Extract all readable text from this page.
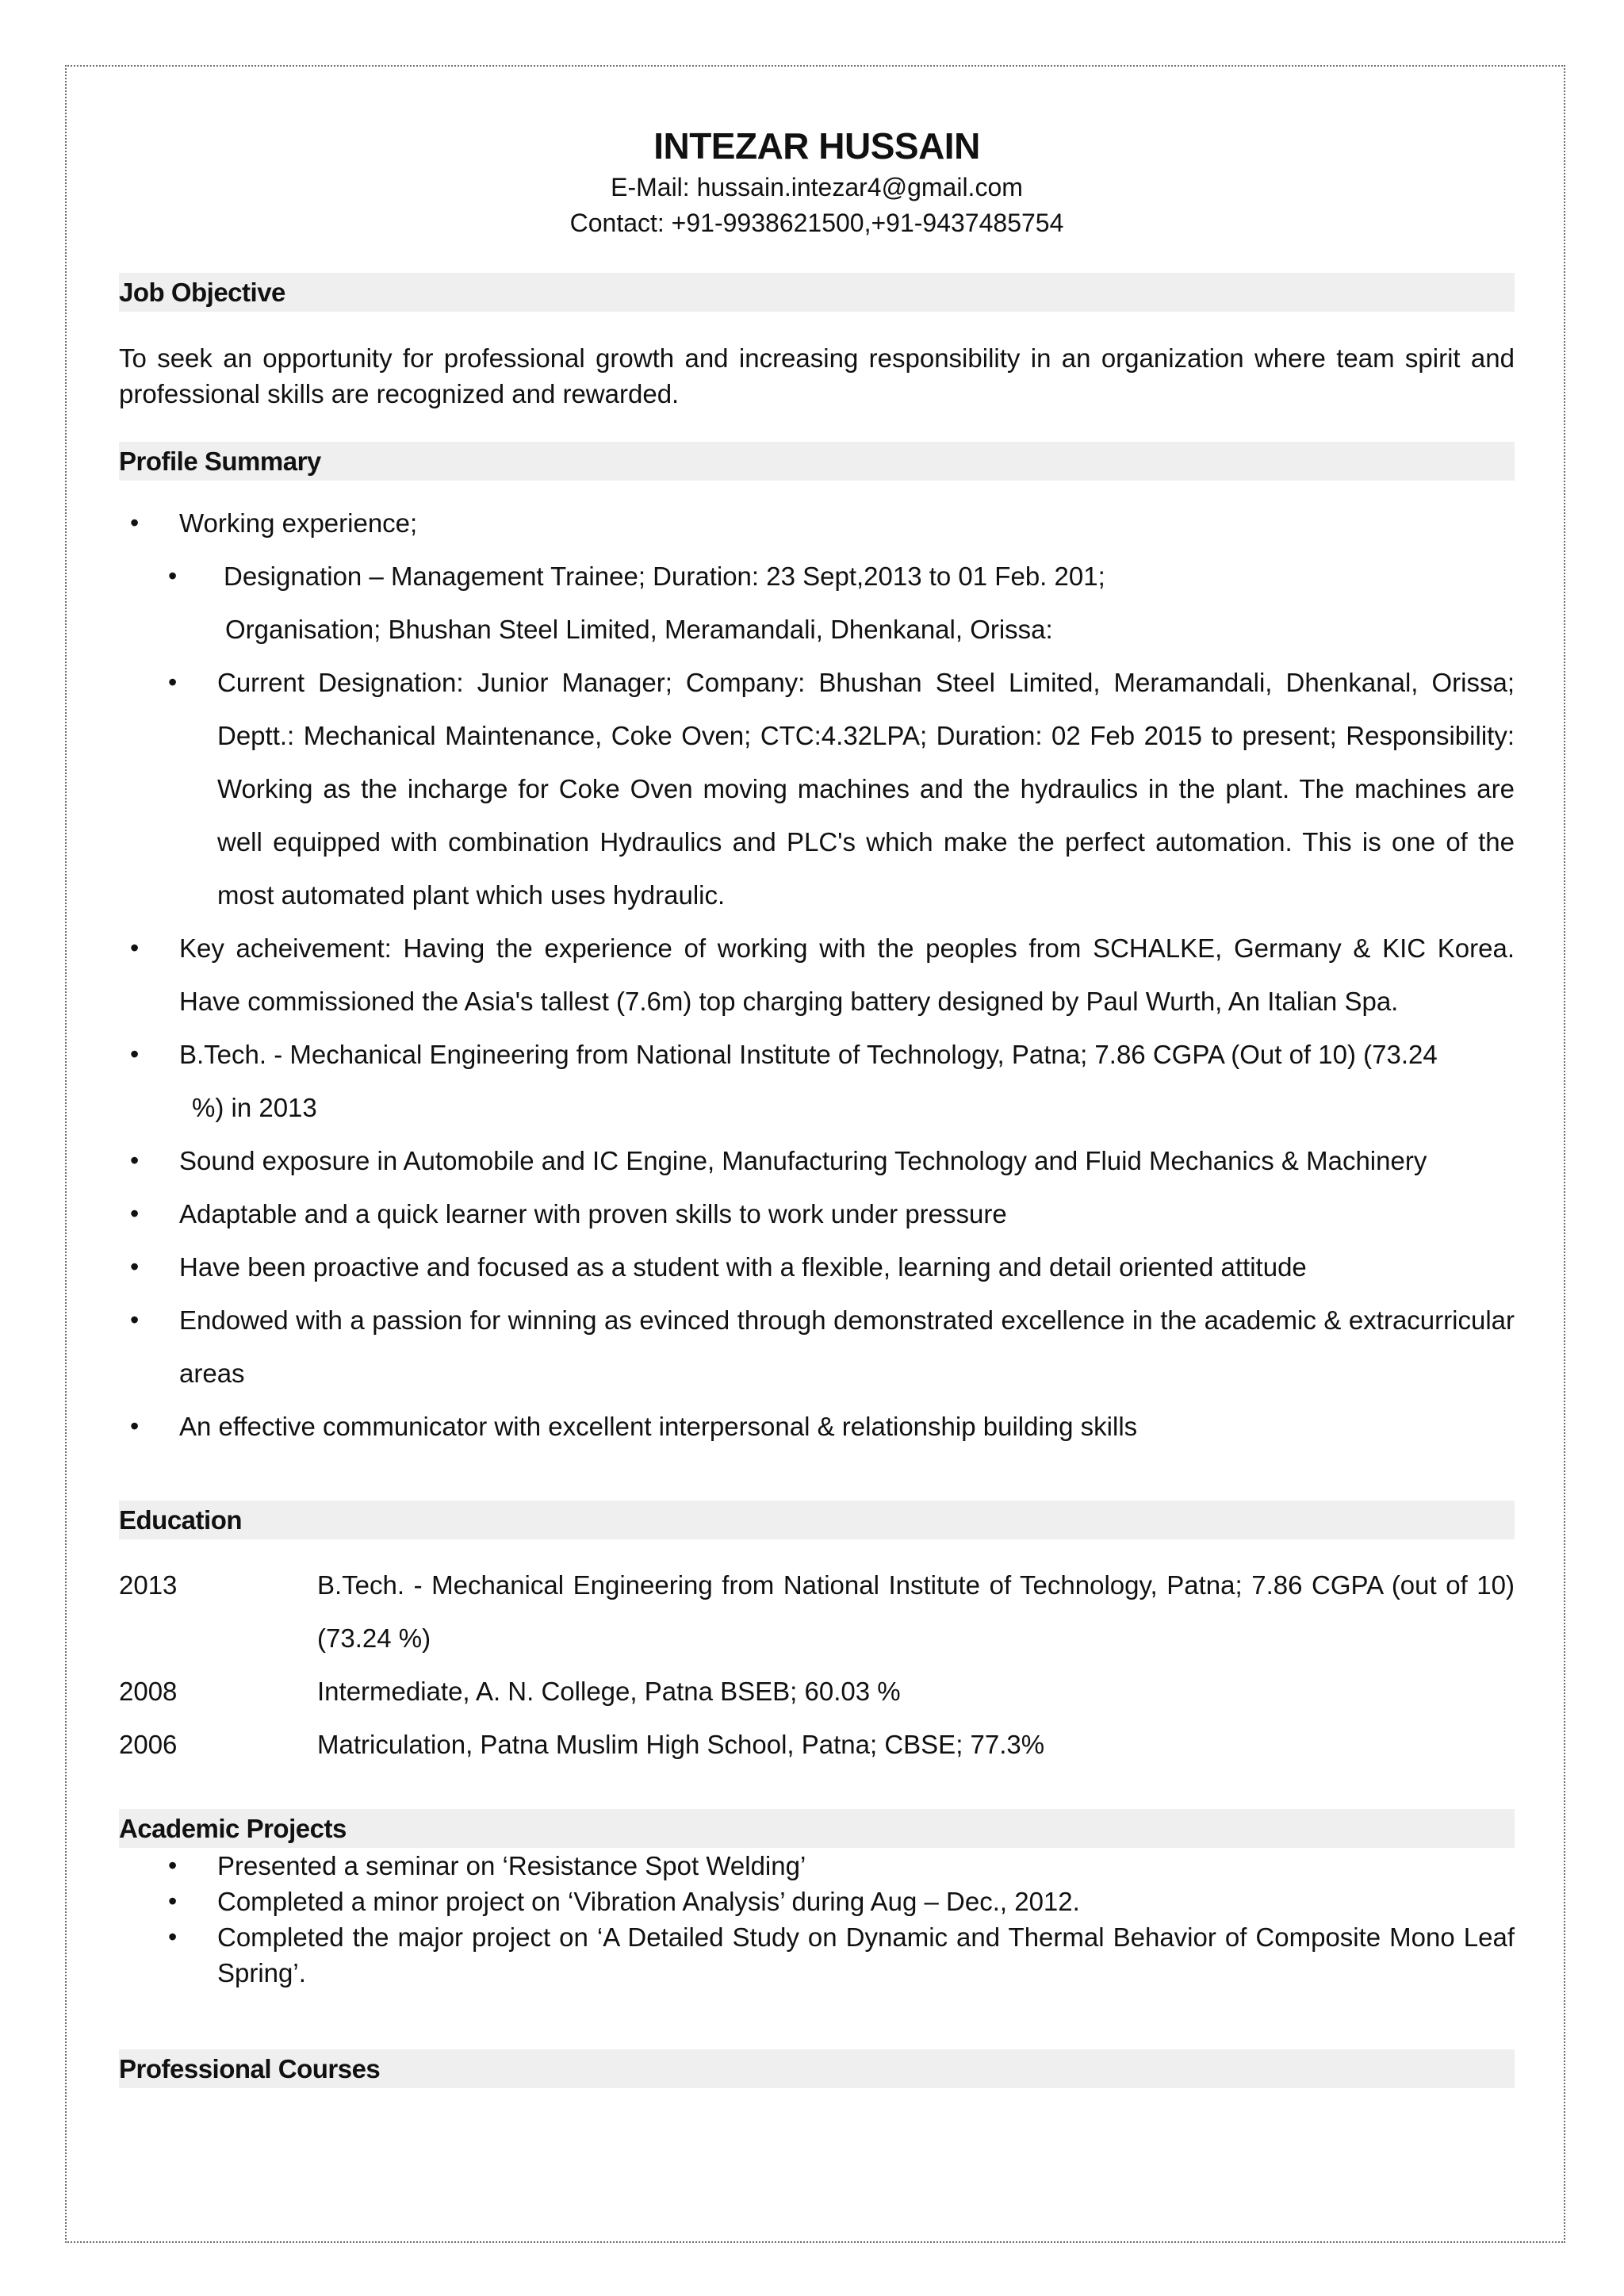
INTEZAR HUSSAIN
E-Mail: hussain.intezar4@gmail.com
Contact: +91-9938621500,+91-9437485754
Job Objective
To seek an opportunity for professional growth and increasing responsibility in an organization where team spirit and professional skills are recognized and rewarded.
Profile Summary
• Working experience;
• Designation – Management Trainee; Duration: 23 Sept,2013 to 01 Feb. 201;
Organisation; Bhushan Steel Limited, Meramandali, Dhenkanal, Orissa:
• Current Designation: Junior Manager; Company: Bhushan Steel Limited, Meramandali, Dhenkanal, Orissa; Deptt.: Mechanical Maintenance, Coke Oven; CTC:4.32LPA; Duration: 02 Feb 2015 to present; Responsibility: Working as the incharge for Coke Oven moving machines and the hydraulics in the plant. The machines are well equipped with combination Hydraulics and PLC's which make the perfect automation. This is one of the most automated plant which uses hydraulic.
• Key acheivement: Having the experience of working with the peoples from SCHALKE, Germany & KIC Korea. Have commissioned the Asia's tallest (7.6m) top charging battery designed by Paul Wurth, An Italian Spa.
• B.Tech. - Mechanical Engineering from National Institute of Technology, Patna; 7.86 CGPA (Out of 10) (73.24
%) in 2013
• Sound exposure in Automobile and IC Engine, Manufacturing Technology and Fluid Mechanics & Machinery
• Adaptable and a quick learner with proven skills to work under pressure
• Have been proactive and focused as a student with a flexible, learning and detail oriented attitude
• Endowed with a passion for winning as evinced through demonstrated excellence in the academic & extracurricular areas
• An effective communicator with excellent interpersonal & relationship building skills
Education
2013	B.Tech. - Mechanical Engineering from National Institute of Technology, Patna; 7.86 CGPA (out of 10) (73.24 %)
2008	Intermediate, A. N. College, Patna BSEB; 60.03 %
2006	Matriculation, Patna Muslim High School, Patna; CBSE; 77.3%
Academic Projects
• Presented a seminar on ‘Resistance Spot Welding’
• Completed a minor project on ‘Vibration Analysis’ during Aug – Dec., 2012.
• Completed the major project on ‘A Detailed Study on Dynamic and Thermal Behavior of Composite Mono Leaf Spring’.
Professional Courses
